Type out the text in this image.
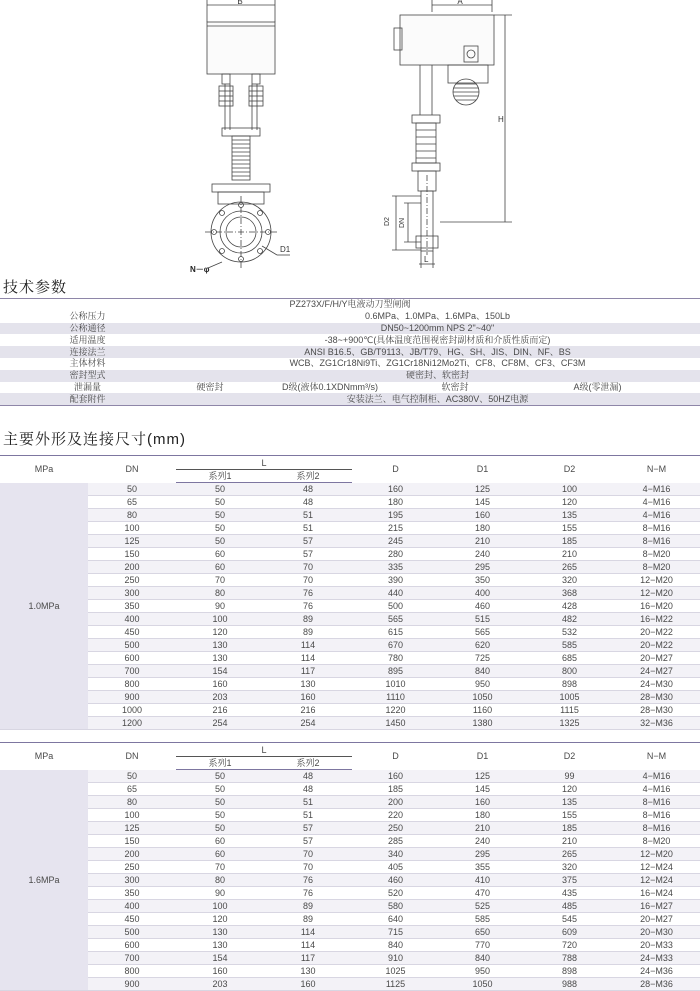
B	A
H
D2 DN
D1
L
N－φ
技术参数
PZ273X/F/H/Y电液动刀型闸阀				
公称压力	0.6MPa、1.0MPa、1.6MPa、150Lb			
公称通径	DN50~1200mm NPS 2"~40"			
适用温度	-38~+900℃(具体温度范围视密封副材质和介质性质而定)			
连接法兰	ANSI B16.5、GB/T9113、JB/T79、HG、SH、JIS、DIN、NF、BS			
主体材料	WCB、ZG1Cr18Ni9Ti、ZG1Cr18Ni12Mo2Ti、CF8、CF8M、CF3、CF3M			
密封型式	硬密封、软密封			
泄漏量	硬密封	D级(液体0.1XDNmm³/s)	软密封	A级(零泄漏)
配套附件	安装法兰、电气控制柜、AC380V、50HZ电源			
主要外形及连接尺寸(mm)
MPa	DN	L		D	D1	D2	N−M
		系列1	系列2				
1.0MPa	50	50	48	160	125	100	4−M16
	65	50	48	180	145	120	4−M16
	80	50	51	195	160	135	4−M16
	100	50	51	215	180	155	8−M16
	125	50	57	245	210	185	8−M16
	150	60	57	280	240	210	8−M20
	200	60	70	335	295	265	8−M20
	250	70	70	390	350	320	12−M20
	300	80	76	440	400	368	12−M20
	350	90	76	500	460	428	16−M20
	400	100	89	565	515	482	16−M22
	450	120	89	615	565	532	20−M22
	500	130	114	670	620	585	20−M22
	600	130	114	780	725	685	20−M27
	700	154	117	895	840	800	24−M27
	800	160	130	1010	950	898	24−M30
	900	203	160	1110	1050	1005	28−M30
	1000	216	216	1220	1160	1115	28−M30
	1200	254	254	1450	1380	1325	32−M36
MPa	DN	L		D	D1	D2	N−M
		系列1	系列2				
1.6MPa	50	50	48	160	125	99	4−M16
	65	50	48	185	145	120	4−M16
	80	50	51	200	160	135	8−M16
	100	50	51	220	180	155	8−M16
	125	50	57	250	210	185	8−M16
	150	60	57	285	240	210	8−M20
	200	60	70	340	295	265	12−M20
	250	70	70	405	355	320	12−M24
	300	80	76	460	410	375	12−M24
	350	90	76	520	470	435	16−M24
	400	100	89	580	525	485	16−M27
	450	120	89	640	585	545	20−M27
	500	130	114	715	650	609	20−M30
	600	130	114	840	770	720	20−M33
	700	154	117	910	840	788	24−M33
	800	160	130	1025	950	898	24−M36
	900	203	160	1125	1050	988	28−M36
